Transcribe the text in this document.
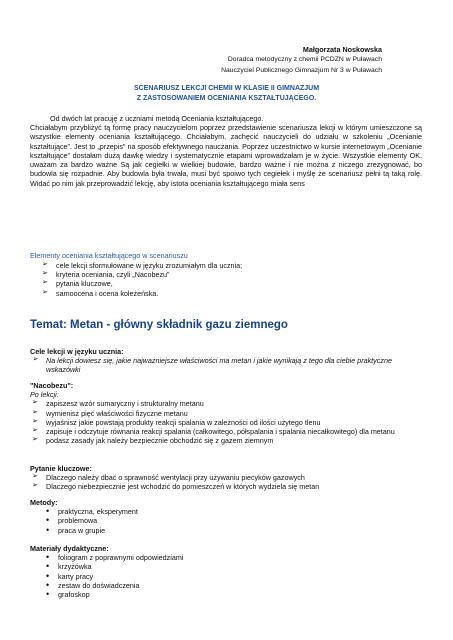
Małgorzata Noskowska
Doradca metodyczny z chemii PCDZN w Puławach
Nauczyciel Publicznego Gimnazjum Nr 3 w Puławach
SCENARIUSZ LEKCJI CHEMII W KLASIE II GIMNAZJUM
Z ZASTOSOWANIEM OCENIANIA KSZTAŁTUJĄCEGO.

Od dwóch lat pracuję z uczniami metodą Oceniania kształtującego.

Chciałabym przybliżyć tą formę pracy nauczycielom poprzez przedstawienie scenariusza lekcji w którym umieszczone są wszystkie elementy oceniania kształtującego. Chciałabym, zachęcić nauczycieli do udziału w szkoleniu „Ocenianie kształtujące”. Jest to „przepis” na sposób efektywnego nauczania. Poprzez uczestnictwo w kursie internetowym „Ocenianie kształtujące” dostałam dużą dawkę wiedzy i systematycznie etapami wprowadzałam je w życie. Wszystkie elementy OK. uważam za bardzo ważne Są jak cegiełki w wielkiej budowie, bardzo ważne i nie można z niczego zrezygnować, bo budowla się rozpadnie. Aby budowla była trwała, musi być spoiwo tych cegiełek i myślę że scenariusz pełni tą taką rolę. Widać po nim jak przeprowadzić lekcję, aby istota oceniania kształtującego miała sens

Elementy oceniania kształtującego w scenariuszu
➢ cele lekcji sformułowane w języku zrozumiałym dla ucznia;
➢ kryteria oceniania, czyli „Nacobezu”
➢ pytania kluczowe,
➢ samoocena i ocena koleżeńska.
Temat: Metan - główny składnik gazu ziemnego
Cele lekcji w języku ucznia:
➢ Na lekcji dowiesz się, jakie najważniejsze właściwości ma metan i jakie wynikają z tego dla ciebie praktyczne wskazówki
"Nacobezu":
Po lekcji:
➢ zapiszesz wzór sumaryczny i strukturalny metanu
➢ wymienisz pięć właściwości fizyczne metanu
➢ wyjaśnisz jakie powstają produkty reakcji spalania w zależności od ilości użytego tlenu
➢ zapisuje i odczytuje równania reakcji spalania (całkowitego, półspalania i spalania niecałkowitego) dla metanu
➢ podasz zasady jak należy bezpiecznie obchodzić się z gazem ziemnym
Pytanie kluczowe:
➢ Dlaczego należy dbać o sprawność wentylacji przy używaniu piecyków gazowych
➢ Dlaczego niebezpiecznie jest wchodzić do pomieszczeń w których wydziela się metan
Metody:
• praktyczna, eksperyment
• problemowa
• praca w grupie
Materiały dydaktyczne:
• foliogram z poprawnymi odpowiedziami
• krzyżówka
• karty pracy
• zestaw do doświadczenia
• grafoskop
